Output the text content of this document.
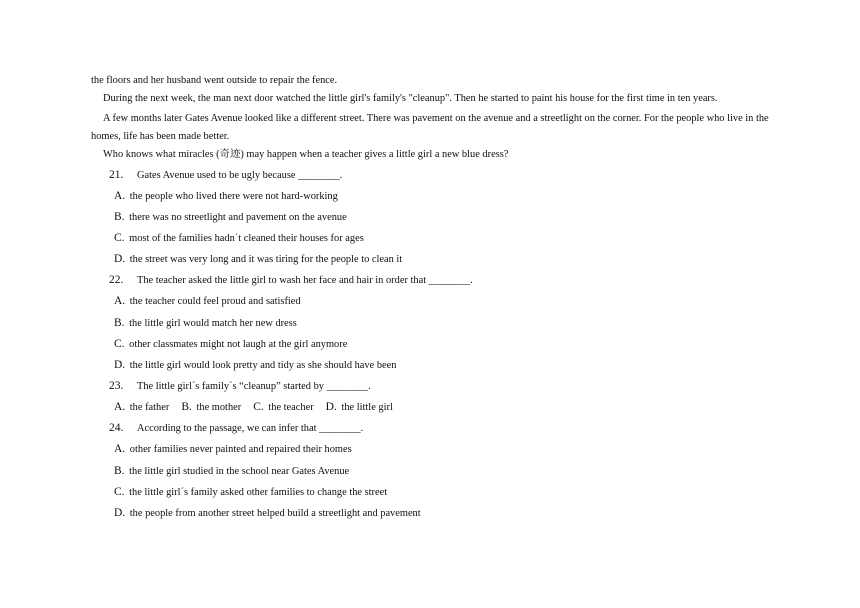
the floors and her husband went outside to repair the fence.
During the next week, the man next door watched the little girl's family's "cleanup". Then he started to paint his house for the first time in ten years.
A few months later Gates Avenue looked like a different street. There was pavement on the avenue and a streetlight on the corner. For the people who live in the homes, life has been made better.
Who knows what miracles (奇迹) may happen when a teacher gives a little girl a new blue dress?
21. Gates Avenue used to be ugly because ________.
A. the people who lived there were not hard-working
B. there was no streetlight and pavement on the avenue
C. most of the families hadn´t cleaned their houses for ages
D. the street was very long and it was tiring for the people to clean it
22. The teacher asked the little girl to wash her face and hair in order that ________.
A. the teacher could feel proud and satisfied
B. the little girl would match her new dress
C. other classmates might not laugh at the girl anymore
D. the little girl would look pretty and tidy as she should have been
23. The little girl´s family´s “cleanup” started by ________.
A. the father B. the mother C. the teacher D. the little girl
24. According to the passage, we can infer that ________.
A. other families never painted and repaired their homes
B. the little girl studied in the school near Gates Avenue
C. the little girl´s family asked other families to change the street
D. the people from another street helped build a streetlight and pavement
